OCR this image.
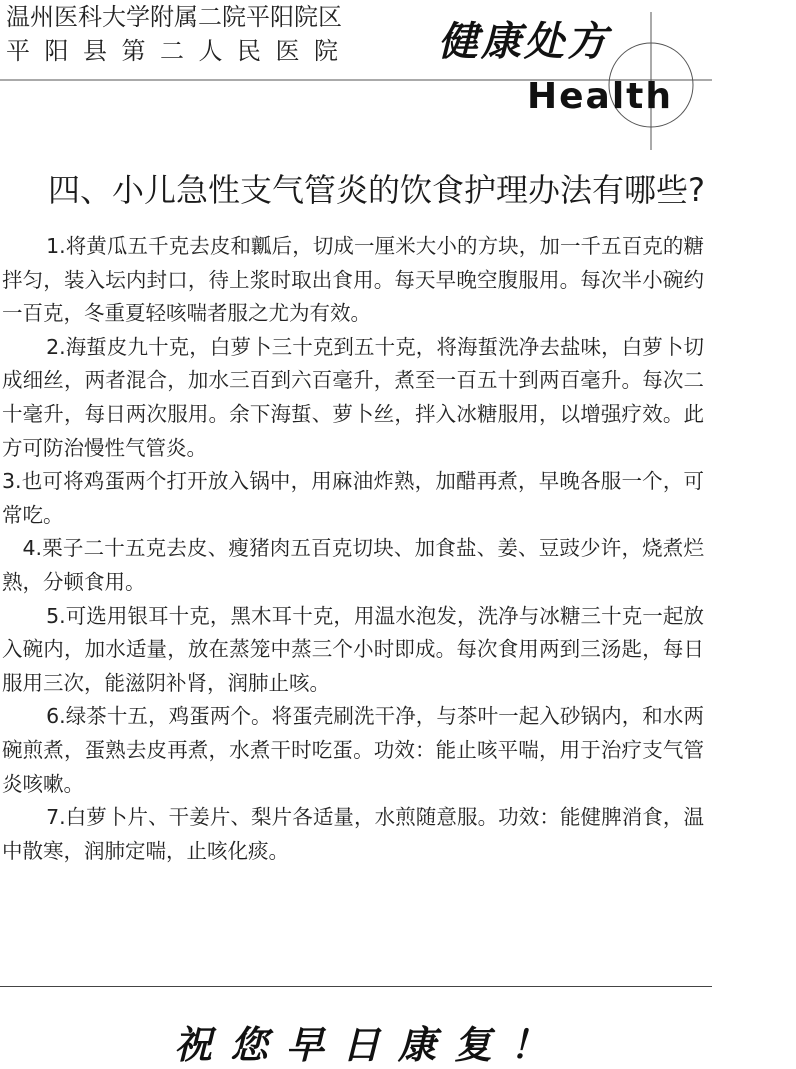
温州医科大学附属二院平阳院区
平阳县第二人民医院 健康处方
Health
四、小儿急性支气管炎的饮食护理办法有哪些?

1.将黄瓜五千克去皮和瓤后，切成一厘米大小的方块，加一千五百克的糖拌匀，装入坛内封口，待上浆时取出食用。每天早晚空腹服用。每次半小碗约一百克，冬重夏轻咳喘者服之尤为有效。

2.海蜇皮九十克，白萝卜三十克到五十克，将海蜇洗净去盐味，白萝卜切成细丝，两者混合，加水三百到六百毫升，煮至一百五十到两百毫升。每次二十毫升，每日两次服用。余下海蜇、萝卜丝，拌入冰糖服用，以增强疗效。此方可防治慢性气管炎。

3.也可将鸡蛋两个打开放入锅中，用麻油炸熟，加醋再煮，早晚各服一个，可常吃。

4.栗子二十五克去皮、瘦猪肉五百克切块、加食盐、姜、豆豉少许，烧煮烂熟，分顿食用。

5.可选用银耳十克，黑木耳十克，用温水泡发，洗净与冰糖三十克一起放入碗内，加水适量，放在蒸笼中蒸三个小时即成。每次食用两到三汤匙，每日服用三次，能滋阴补肾，润肺止咳。

6.绿茶十五，鸡蛋两个。将蛋壳刷洗干净，与茶叶一起入砂锅内，和水两碗煎煮，蛋熟去皮再煮，水煮干时吃蛋。功效：能止咳平喘，用于治疗支气管炎咳嗽。

7.白萝卜片、干姜片、梨片各适量，水煎随意服。功效：能健脾消食，温中散寒，润肺定喘，止咳化痰。

祝您早日康复！
